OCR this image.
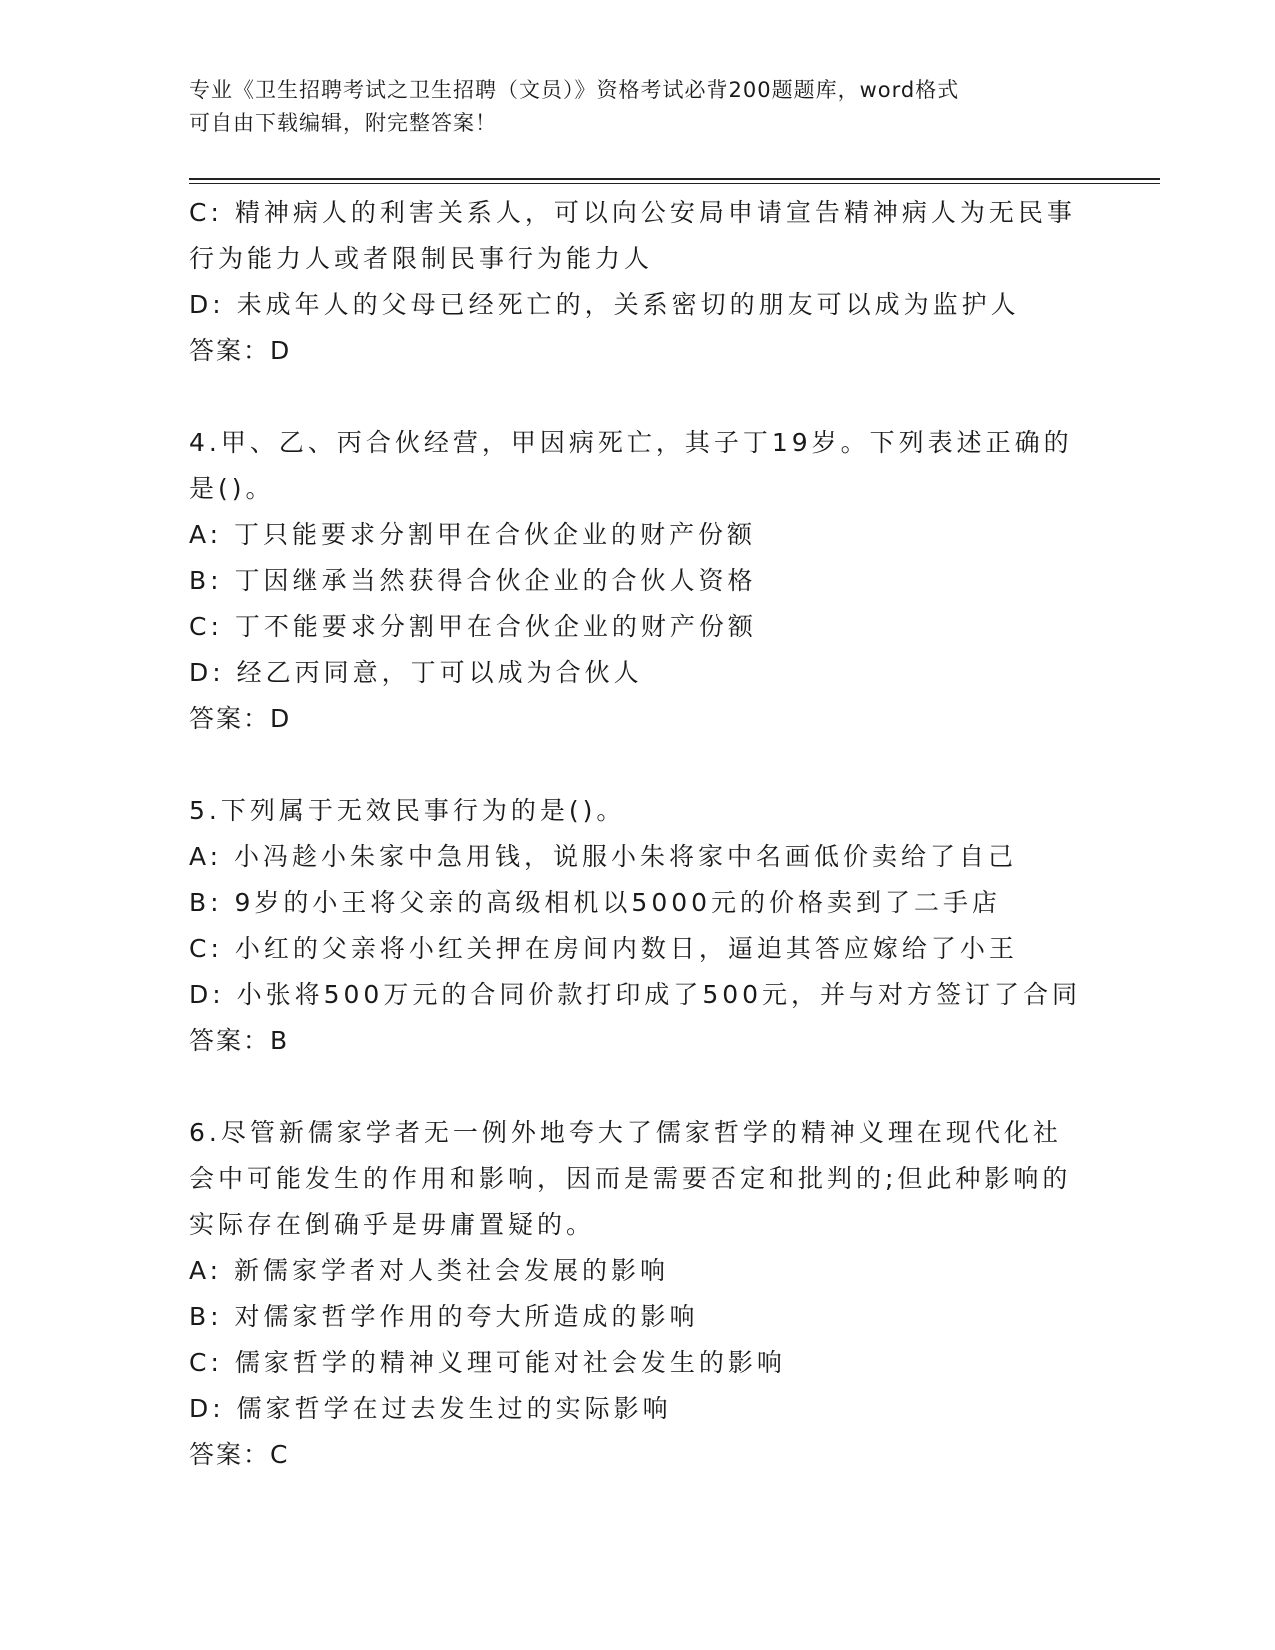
专业《卫生招聘考试之卫生招聘（文员）》资格考试必背200题题库，word格式
可自由下载编辑，附完整答案！
C: 精神病人的利害关系人，可以向公安局申请宣告精神病人为无民事
行为能力人或者限制民事行为能力人
D: 未成年人的父母已经死亡的，关系密切的朋友可以成为监护人
答案：D
4.甲、乙、丙合伙经营，甲因病死亡，其子丁19岁。下列表述正确的
是()。
A: 丁只能要求分割甲在合伙企业的财产份额
B: 丁因继承当然获得合伙企业的合伙人资格
C: 丁不能要求分割甲在合伙企业的财产份额
D: 经乙丙同意，丁可以成为合伙人
答案：D
5.下列属于无效民事行为的是()。
A: 小冯趁小朱家中急用钱，说服小朱将家中名画低价卖给了自己
B: 9岁的小王将父亲的高级相机以5000元的价格卖到了二手店
C: 小红的父亲将小红关押在房间内数日，逼迫其答应嫁给了小王
D: 小张将500万元的合同价款打印成了500元，并与对方签订了合同
答案：B
6.尽管新儒家学者无一例外地夸大了儒家哲学的精神义理在现代化社
会中可能发生的作用和影响，因而是需要否定和批判的;但此种影响的
实际存在倒确乎是毋庸置疑的。
A: 新儒家学者对人类社会发展的影响
B: 对儒家哲学作用的夸大所造成的影响
C: 儒家哲学的精神义理可能对社会发生的影响
D: 儒家哲学在过去发生过的实际影响
答案：C
